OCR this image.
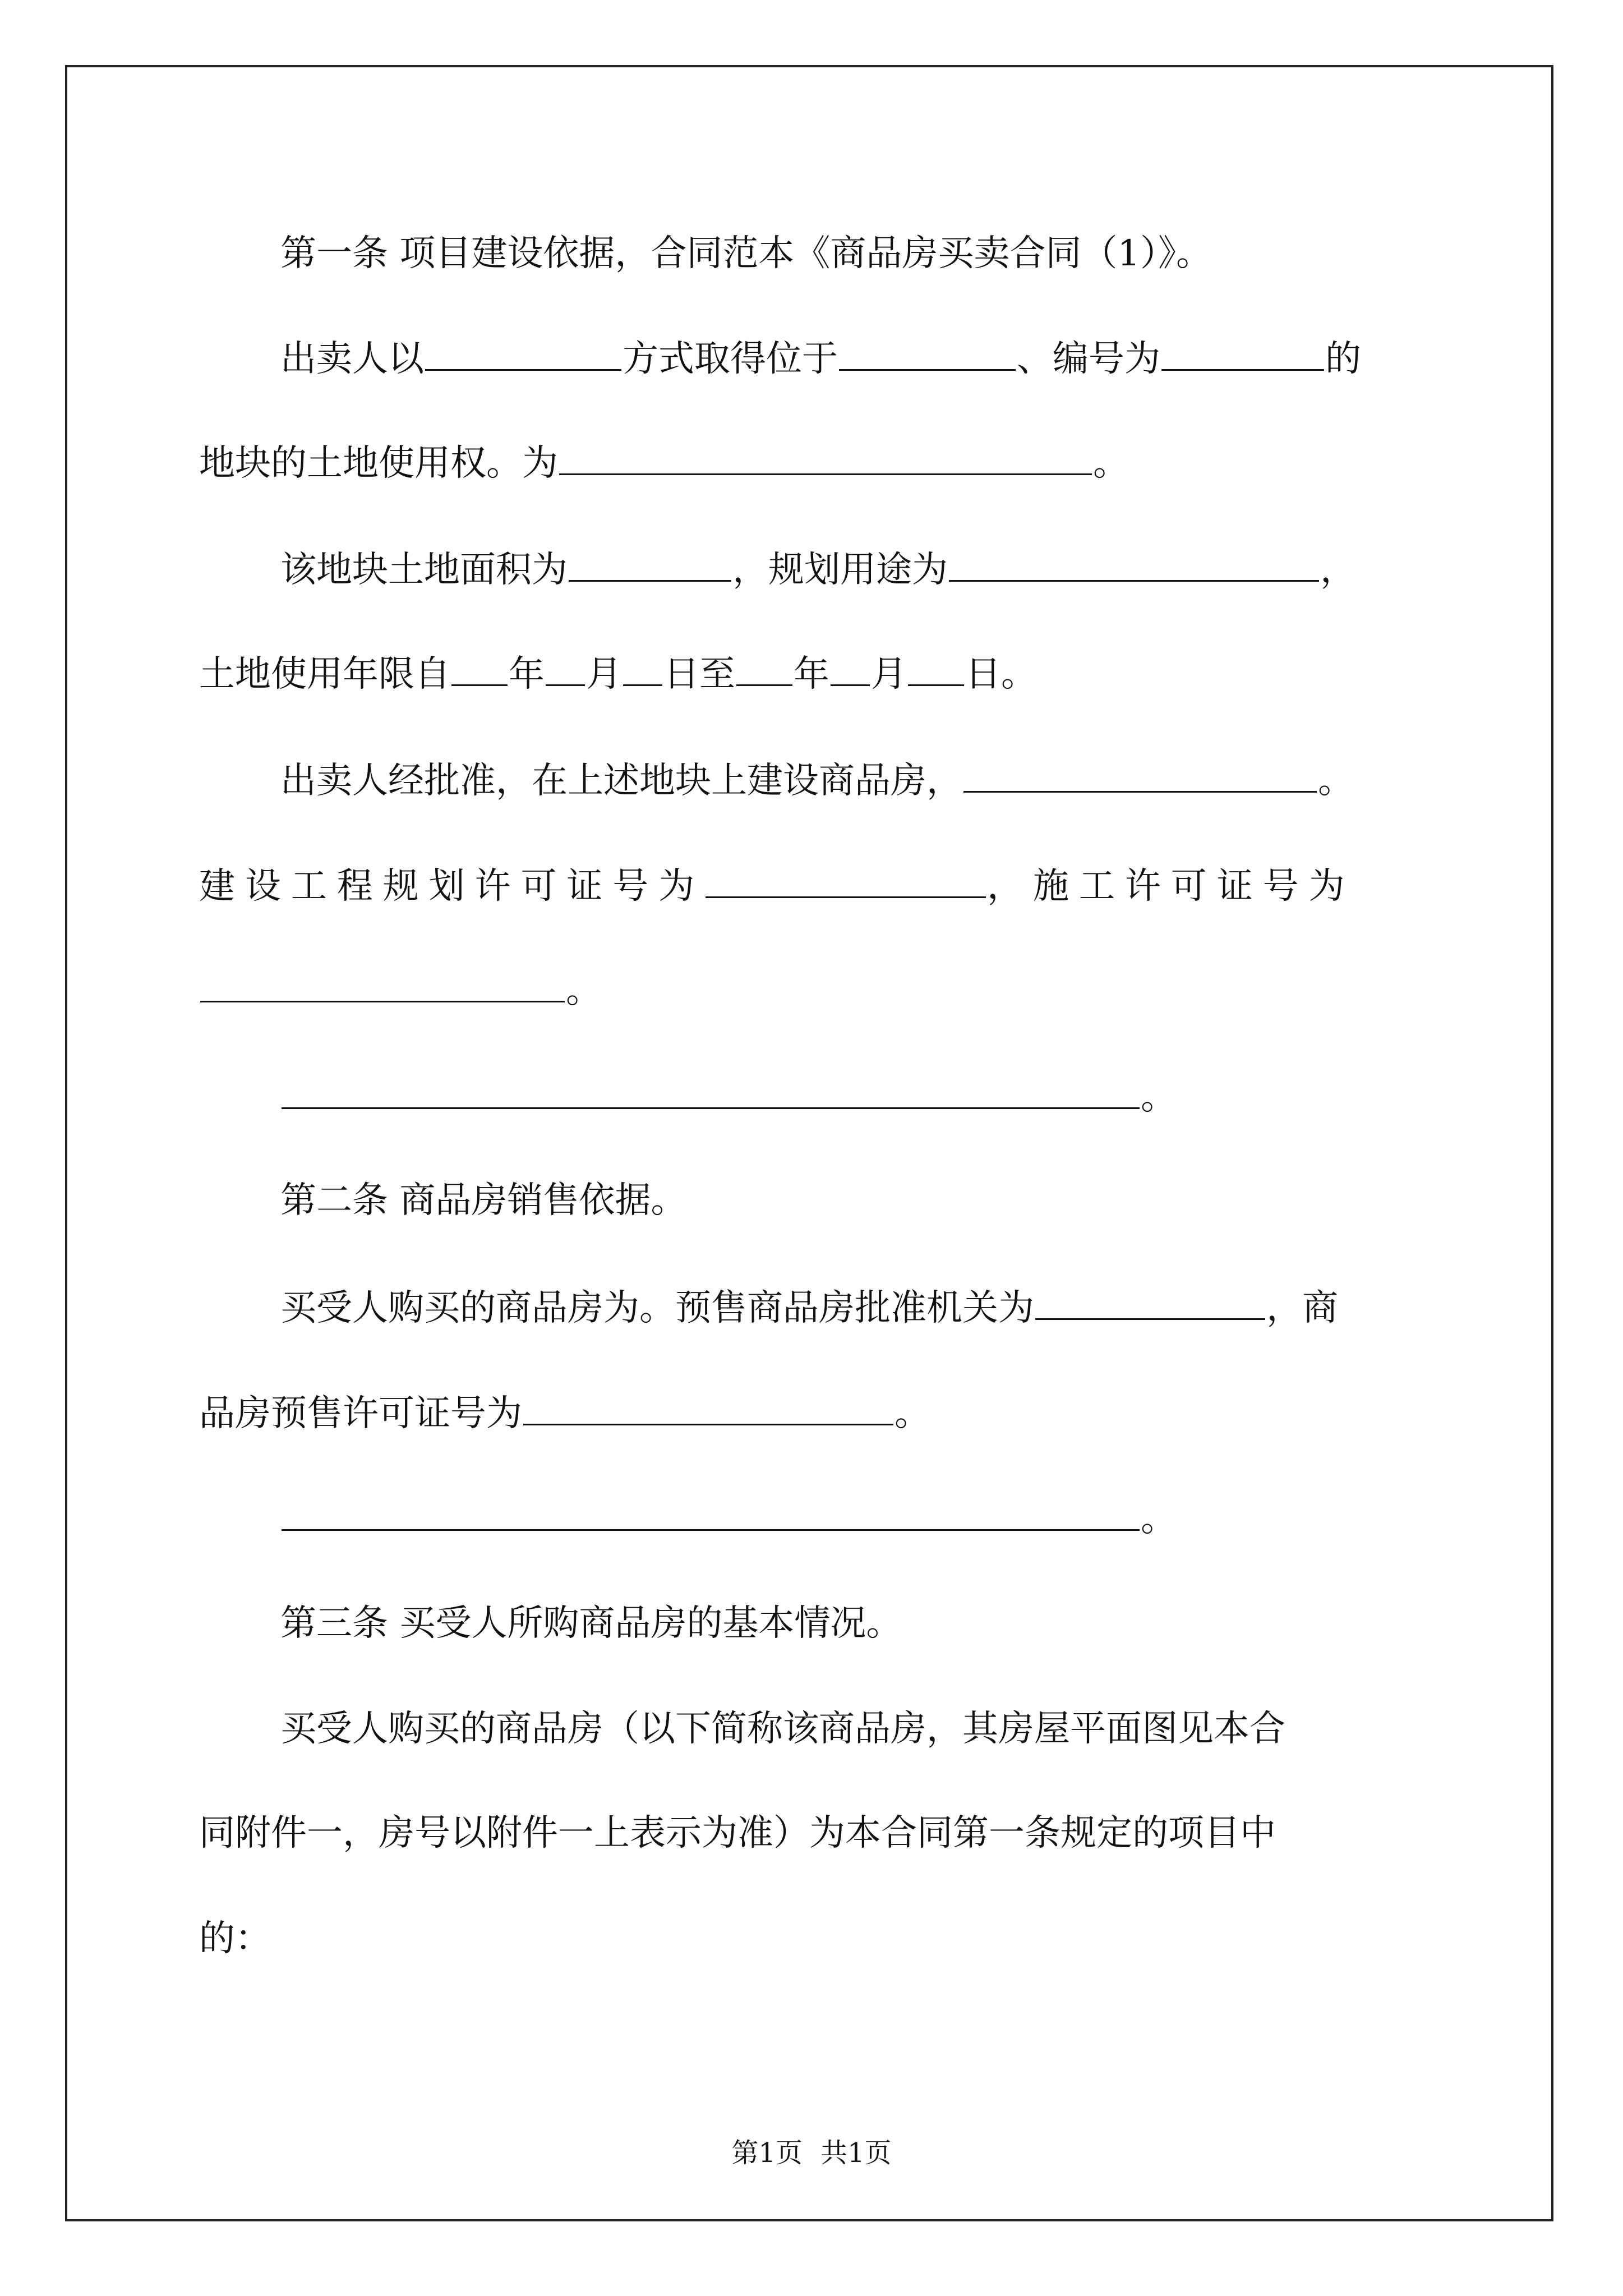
第一条 项目建设依据，合同范本《商品房买卖合同（1）》。
出卖人以	方式取得位于	、编号为	的
地块的土地使用权。为	。
该地块土地面积为	，规划用途为	，
土地使用年限自 年 月 日至 年 月 日。
出卖人经批准，在上述地块上建设商品房，	。
建设工程规划许可证号为	，施工许可证号为
。
。
第二条 商品房销售依据。
买受人购买的商品房为。预售商品房批准机关为	，商
品房预售许可证号为	。
。
第三条 买受人所购商品房的基本情况。
买受人购买的商品房（以下简称该商品房，其房屋平面图见本合
同附件一，房号以附件一上表示为准）为本合同第一条规定的项目中
的：
第1页 共1页
